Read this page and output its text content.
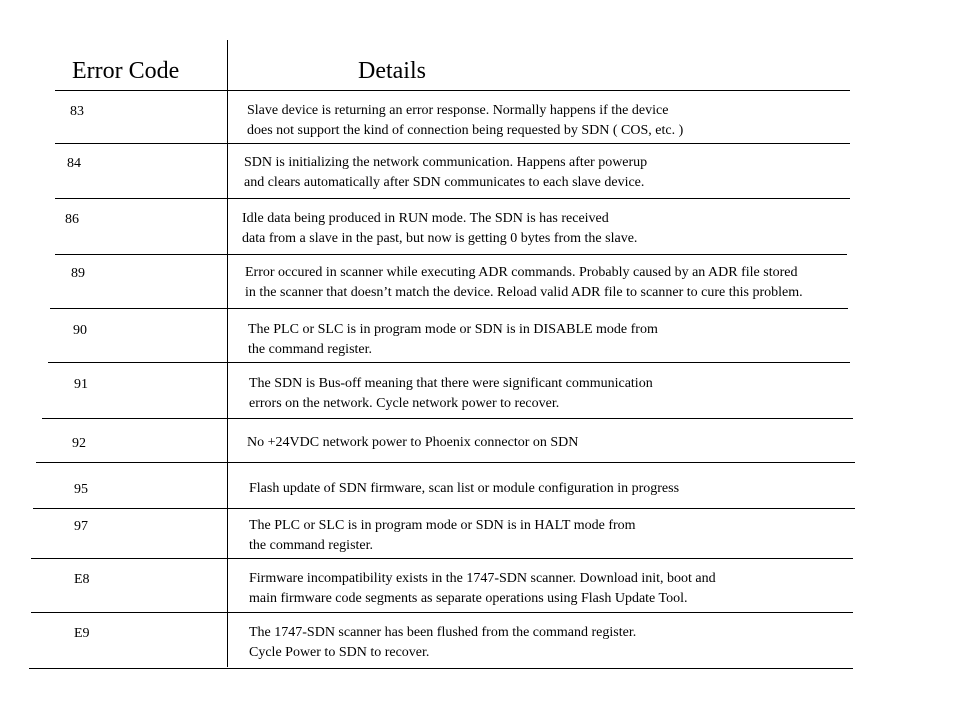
Error Code	Details
83	Slave device is returning an error response. Normally happens if the device
does not support the kind of connection being requested by SDN ( COS, etc. )
84	SDN is initializing the network communication. Happens after powerup
and clears automatically after SDN communicates to each slave device.
86	Idle data being produced in RUN mode. The SDN is has received
data from a slave in the past, but now is getting 0 bytes from the slave.
89	Error occured in scanner while executing ADR commands. Probably caused by an ADR file stored
in the scanner that doesn’t match the device. Reload valid ADR file to scanner to cure this problem.
90	The PLC or SLC is in program mode or SDN is in DISABLE mode from
the command register.
91	The SDN is Bus-off meaning that there were significant communication
errors on the network. Cycle network power to recover.
92	No +24VDC network power to Phoenix connector on SDN
95	Flash update of SDN firmware, scan list or module configuration in progress
97	The PLC or SLC is in program mode or SDN is in HALT mode from
the command register.
E8	Firmware incompatibility exists in the 1747-SDN scanner. Download init, boot and
main firmware code segments as separate operations using Flash Update Tool.
E9	The 1747-SDN scanner has been flushed from the command register.
Cycle Power to SDN to recover.
